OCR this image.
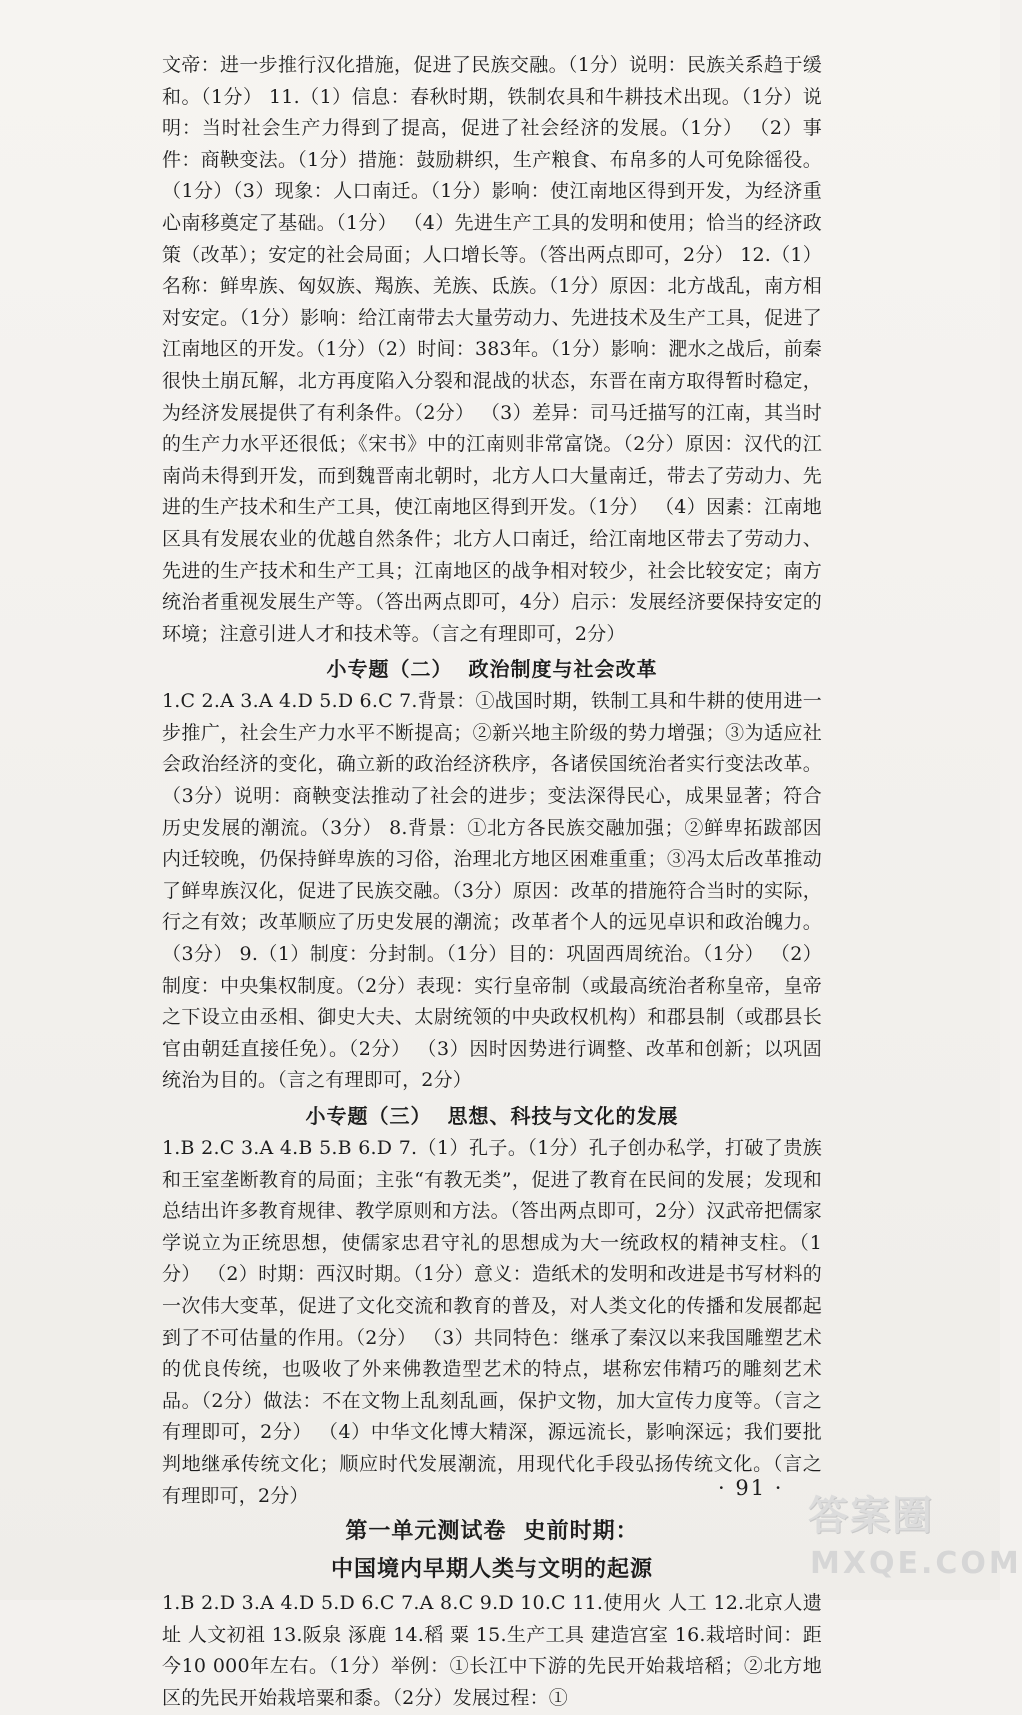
文帝：进一步推行汉化措施，促进了民族交融。（1分）说明：民族关系趋于缓和。（1分） 11.（1）信息：春秋时期，铁制农具和牛耕技术出现。（1分）说明：当时社会生产力得到了提高，促进了社会经济的发展。（1分） （2）事件：商鞅变法。（1分）措施：鼓励耕织，生产粮食、布帛多的人可免除徭役。（1分）（3）现象：人口南迁。（1分）影响：使江南地区得到开发，为经济重心南移奠定了基础。（1分） （4）先进生产工具的发明和使用；恰当的经济政策（改革）；安定的社会局面；人口增长等。（答出两点即可，2分） 12.（1）名称：鲜卑族、匈奴族、羯族、羌族、氐族。（1分）原因：北方战乱，南方相对安定。（1分）影响：给江南带去大量劳动力、先进技术及生产工具，促进了江南地区的开发。（1分）（2）时间：383年。（1分）影响：淝水之战后，前秦很快土崩瓦解，北方再度陷入分裂和混战的状态，东晋在南方取得暂时稳定，为经济发展提供了有利条件。（2分） （3）差异：司马迁描写的江南，其当时的生产力水平还很低；《宋书》中的江南则非常富饶。（2分）原因：汉代的江南尚未得到开发，而到魏晋南北朝时，北方人口大量南迁，带去了劳动力、先进的生产技术和生产工具，使江南地区得到开发。（1分） （4）因素：江南地区具有发展农业的优越自然条件；北方人口南迁，给江南地区带去了劳动力、先进的生产技术和生产工具；江南地区的战争相对较少，社会比较安定；南方统治者重视发展生产等。（答出两点即可，4分）启示：发展经济要保持安定的环境；注意引进人才和技术等。（言之有理即可，2分）

小专题（二）  政治制度与社会改革

1.C 2.A 3.A 4.D 5.D 6.C 7.背景：①战国时期，铁制工具和牛耕的使用进一步推广，社会生产力水平不断提高；②新兴地主阶级的势力增强；③为适应社会政治经济的变化，确立新的政治经济秩序，各诸侯国统治者实行变法改革。（3分）说明：商鞅变法推动了社会的进步；变法深得民心，成果显著；符合历史发展的潮流。（3分） 8.背景：①北方各民族交融加强；②鲜卑拓跋部因内迁较晚，仍保持鲜卑族的习俗，治理北方地区困难重重；③冯太后改革推动了鲜卑族汉化，促进了民族交融。（3分）原因：改革的措施符合当时的实际，行之有效；改革顺应了历史发展的潮流；改革者个人的远见卓识和政治魄力。（3分） 9.（1）制度：分封制。（1分）目的：巩固西周统治。（1分） （2）制度：中央集权制度。（2分）表现：实行皇帝制（或最高统治者称皇帝，皇帝之下设立由丞相、御史大夫、太尉统领的中央政权机构）和郡县制（或郡县长官由朝廷直接任免）。（2分） （3）因时因势进行调整、改革和创新；以巩固统治为目的。（言之有理即可，2分）

小专题（三）  思想、科技与文化的发展

1.B 2.C 3.A 4.B 5.B 6.D 7.（1）孔子。（1分）孔子创办私学，打破了贵族和王室垄断教育的局面；主张“有教无类”，促进了教育在民间的发展；发现和总结出许多教育规律、教学原则和方法。（答出两点即可，2分）汉武帝把儒家学说立为正统思想，使儒家忠君守礼的思想成为大一统政权的精神支柱。（1分） （2）时期：西汉时期。（1分）意义：造纸术的发明和改进是书写材料的一次伟大变革，促进了文化交流和教育的普及，对人类文化的传播和发展都起到了不可估量的作用。（2分） （3）共同特色：继承了秦汉以来我国雕塑艺术的优良传统，也吸收了外来佛教造型艺术的特点，堪称宏伟精巧的雕刻艺术品。（2分）做法：不在文物上乱刻乱画，保护文物，加大宣传力度等。（言之有理即可，2分） （4）中华文化博大精深，源远流长，影响深远；我们要批判地继承传统文化；顺应时代发展潮流，用现代化手段弘扬传统文化。（言之有理即可，2分）

第一单元测试卷  史前时期：
中国境内早期人类与文明的起源

1.B 2.D 3.A 4.D 5.D 6.C 7.A 8.C 9.D 10.C 11.使用火 人工 12.北京人遗址 人文初祖 13.阪泉 涿鹿 14.稻 粟 15.生产工具 建造宫室 16.栽培时间：距今10 000年左右。（1分）举例：①长江中下游的先民开始栽培稻；②北方地区的先民开始栽培粟和黍。（2分）发展过程：①

· 91 ·
答案圈
MXQE.COM
